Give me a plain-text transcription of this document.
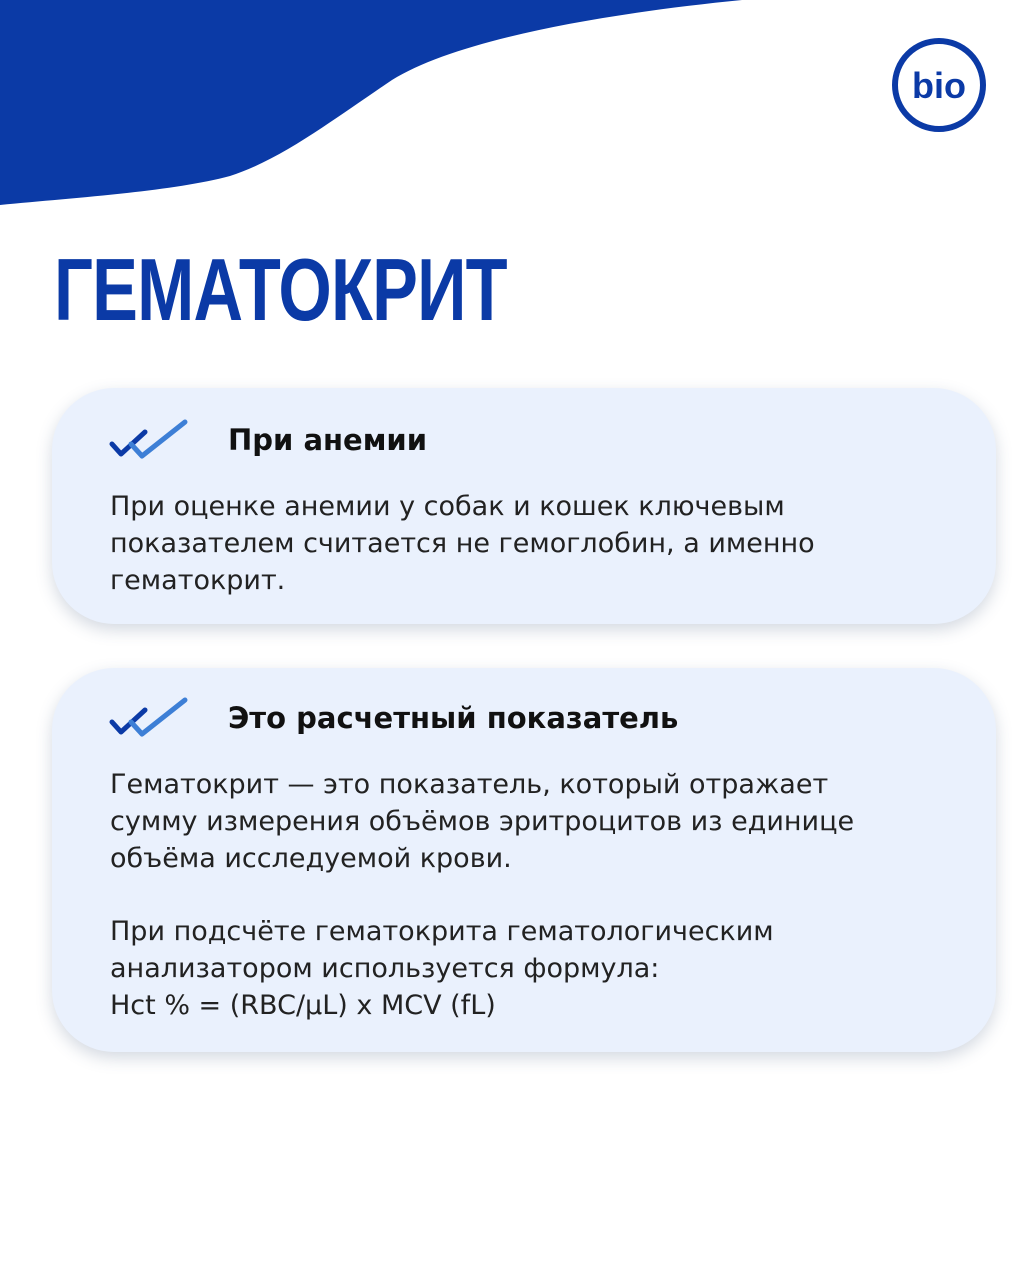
bio
ГЕМАТОКРИТ
При анемии

При оценке анемии у собак и кошек ключевым
показателем считается не гемоглобин, а именно
гематокрит.

Это расчетный показатель

Гематокрит — это показатель, который отражает
сумму измерения объёмов эритроцитов из единице
объёма исследуемой крови.

При подсчёте гематокрита гематологическим
анализатором используется формула:
Hct % = (RBC/µL) x MCV (fL)
